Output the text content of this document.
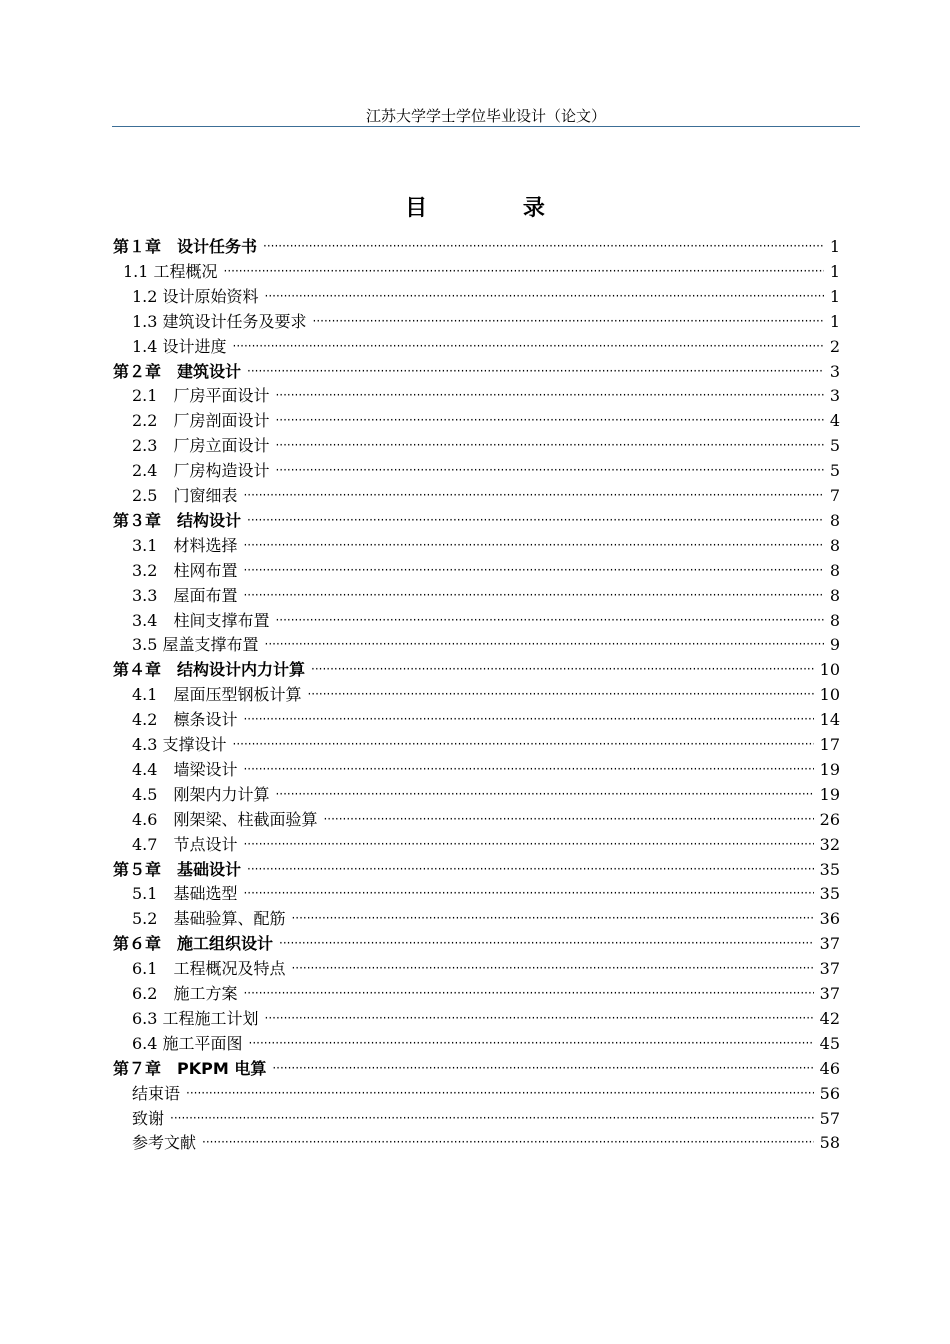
江苏大学学士学位毕业设计（论文）
目 录
第１章　设计任务书 ·····	1
1.1 工程概况 ·····	1
1.2 设计原始资料 ·····	1
1.3 建筑设计任务及要求 ·····	1
1.4 设计进度 ·····	2
第２章　建筑设计 ·····	3
2.1　厂房平面设计 ·····	3
2.2　厂房剖面设计 ·····	4
2.3　厂房立面设计 ·····	5
2.4　厂房构造设计 ·····	5
2.5　门窗细表 ·····	7
第３章　结构设计 ·····	8
3.1　材料选择 ·····	8
3.2　柱网布置 ·····	8
3.3　屋面布置 ·····	8
3.4　柱间支撑布置 ·····	8
3.5 屋盖支撑布置 ·····	9
第４章　结构设计内力计算 ·····	10
4.1　屋面压型钢板计算 ·····	10
4.2　檩条设计 ·····	14
4.3 支撑设计 ·····	17
4.4　墙梁设计 ·····	19
4.5　刚架内力计算 ·····	19
4.6　刚架梁、柱截面验算 ·····	26
4.7　节点设计 ·····	32
第５章　基础设计 ·····	35
5.1　基础选型 ·····	35
5.2　基础验算、配筋 ·····	36
第６章　施工组织设计 ·····	37
6.1　工程概况及特点 ·····	37
6.2　施工方案 ·····	37
6.3 工程施工计划 ·····	42
6.4 施工平面图 ·····	45
第７章　PKPM 电算 ·····	46
结束语 ·····	56
致谢 ·····	57
参考文献 ·····	58
